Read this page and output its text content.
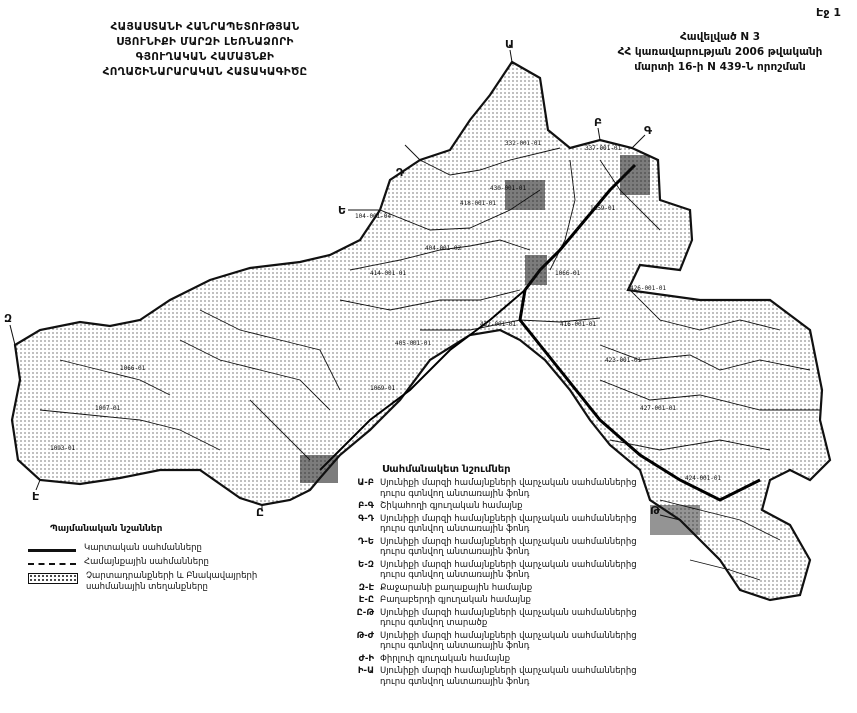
Էջ 1
ՀԱՅԱՍՏԱՆԻ ՀԱՆՐԱՊԵՏՈՒԹՅԱՆ
ՍՅՈՒՆԻՔԻ ՄԱՐԶԻ ԼԵՌՆԱՁՈՐԻ ԳՅՈՒՂԱԿԱՆ ՀԱՄԱՅՆՔԻ
ՀՈՂԱՇԻՆԱՐԱՐԱԿԱՆ ՀԱՏԱԿԱԳԻԾԸ
Հավելված N 3
ՀՀ կառավարության 2006 թվականի
մարտի 16-ի N 439-Ն որոշման
Ա
Բ
Գ
Դ
Ե
Զ
Է
Ը	Թ
332-001-01
337-001-01
418-001-01
430-001-01
104-001-04
404-001-02
414-001-01
432-001-01
423-001-01
427-001-01
1066-01
1069-01
1093-01
424-001-01
416-001-01
405-001-01
426-001-01
1159-01
1007-01
1066-01
Պայմանական նշաններ
Կարտական սահմանները
Համայնքային սահմանները
Չարտադրանքների և Բնակավայրերի սահմանային տեղանքները
Սահմանակետ նշումներ
Ա-Բ Սյունիքի մարզի համայնքների վարչական սահմաններից դուրս գտնվող անտառային ֆոնդ
Բ-Գ Շիկահողի գյուղական համայնք
Գ-Դ Սյունիքի մարզի համայնքների վարչական սահմաններից դուրս գտնվող անտառային ֆոնդ
Դ-Ե Սյունիքի մարզի համայնքների վարչական սահմաններից դուրս գտնվող անտառային ֆոնդ
Ե-Զ Սյունիքի մարզի համայնքների վարչական սահմաններից դուրս գտնվող անտառային ֆոնդ
Զ-Է Քաջարանի քաղաքային համայնք
Է-Ը Բաղաբերդի գյուղական համայնք
Ը-Թ Սյունիքի մարզի համայնքների վարչական սահմաններից դուրս գտնվող տարածք
Թ-Ժ Սյունիքի մարզի համայնքների վարչական սահմաններից դուրս գտնվող անտառային ֆոնդ
Ժ-Ի Փիրլուի գյուղական համայնք
Ի-Ա Սյունիքի մարզի համայնքների վարչական սահմաններից դուրս գտնվող անտառային ֆոնդ
